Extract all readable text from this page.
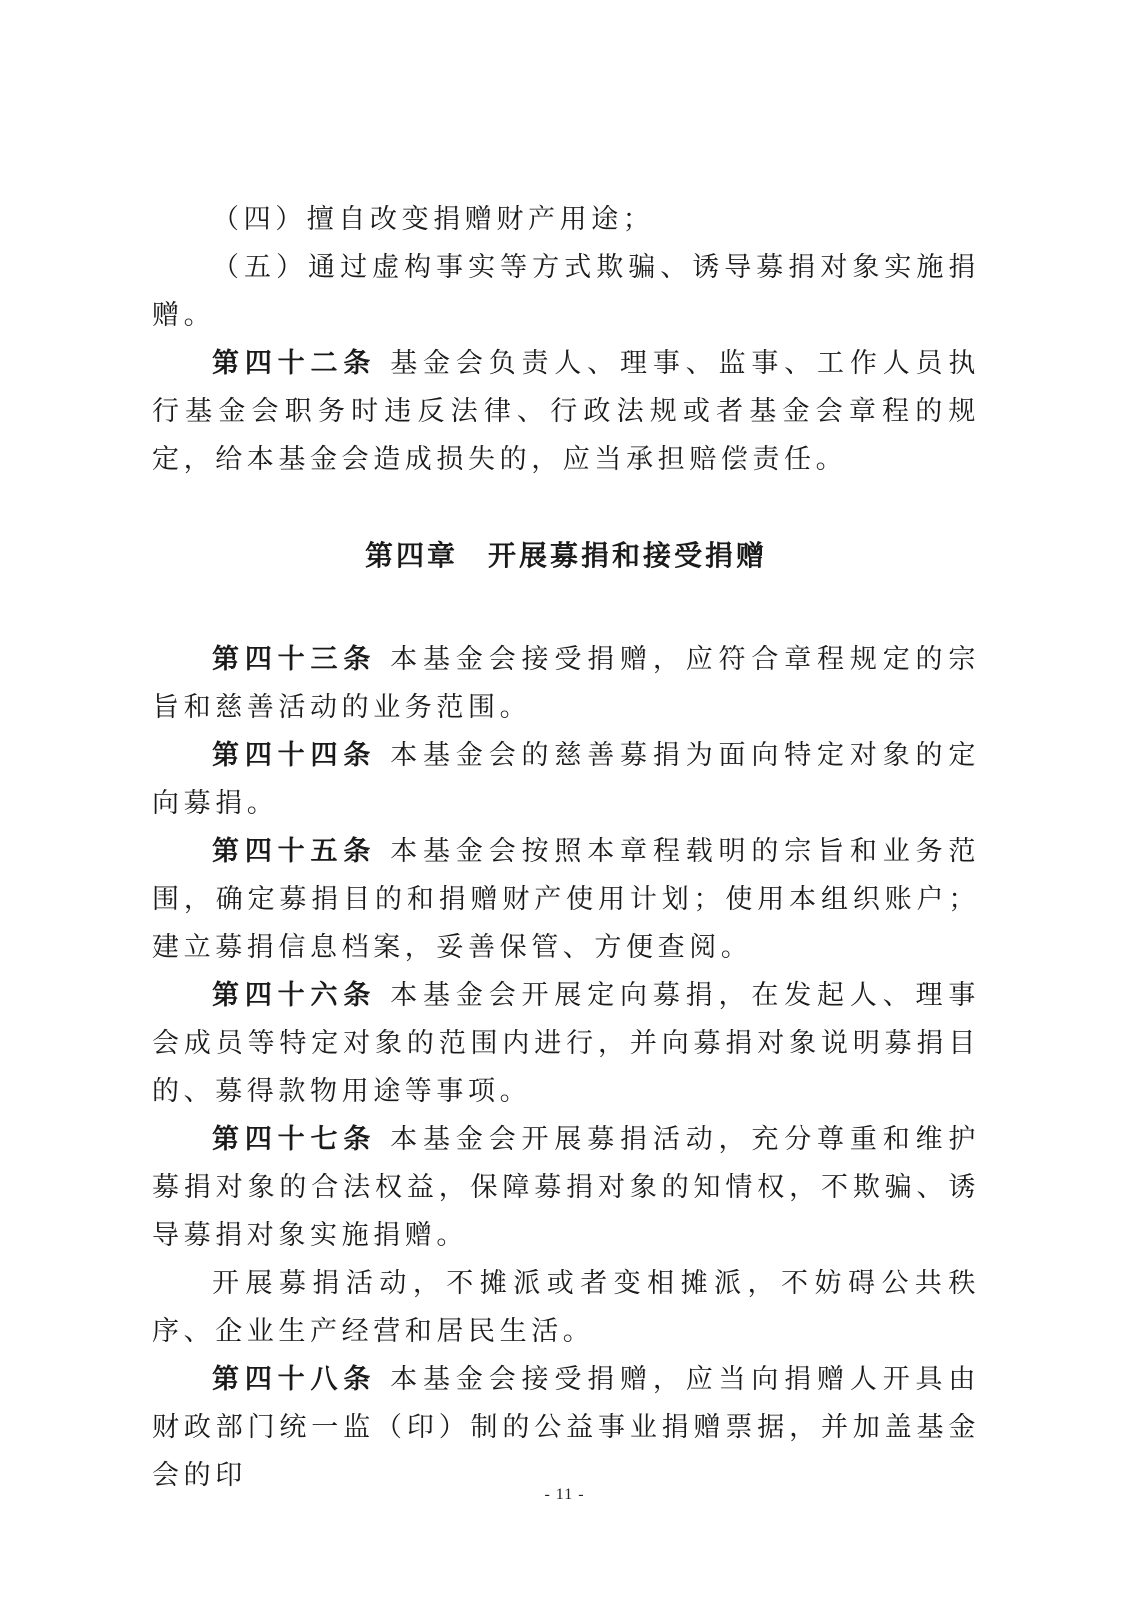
（四）擅自改变捐赠财产用途；

（五）通过虚构事实等方式欺骗、诱导募捐对象实施捐赠。

第四十二条 基金会负责人、理事、监事、工作人员执行基金会职务时违反法律、行政法规或者基金会章程的规定，给本基金会造成损失的，应当承担赔偿责任。

第四章 开展募捐和接受捐赠

第四十三条 本基金会接受捐赠，应符合章程规定的宗旨和慈善活动的业务范围。

第四十四条 本基金会的慈善募捐为面向特定对象的定向募捐。

第四十五条 本基金会按照本章程载明的宗旨和业务范围，确定募捐目的和捐赠财产使用计划；使用本组织账户；建立募捐信息档案，妥善保管、方便查阅。

第四十六条 本基金会开展定向募捐，在发起人、理事会成员等特定对象的范围内进行，并向募捐对象说明募捐目的、募得款物用途等事项。

第四十七条 本基金会开展募捐活动，充分尊重和维护募捐对象的合法权益，保障募捐对象的知情权，不欺骗、诱导募捐对象实施捐赠。

开展募捐活动，不摊派或者变相摊派，不妨碍公共秩序、企业生产经营和居民生活。

第四十八条 本基金会接受捐赠，应当向捐赠人开具由财政部门统一监（印）制的公益事业捐赠票据，并加盖基金会的印

- 11 -
